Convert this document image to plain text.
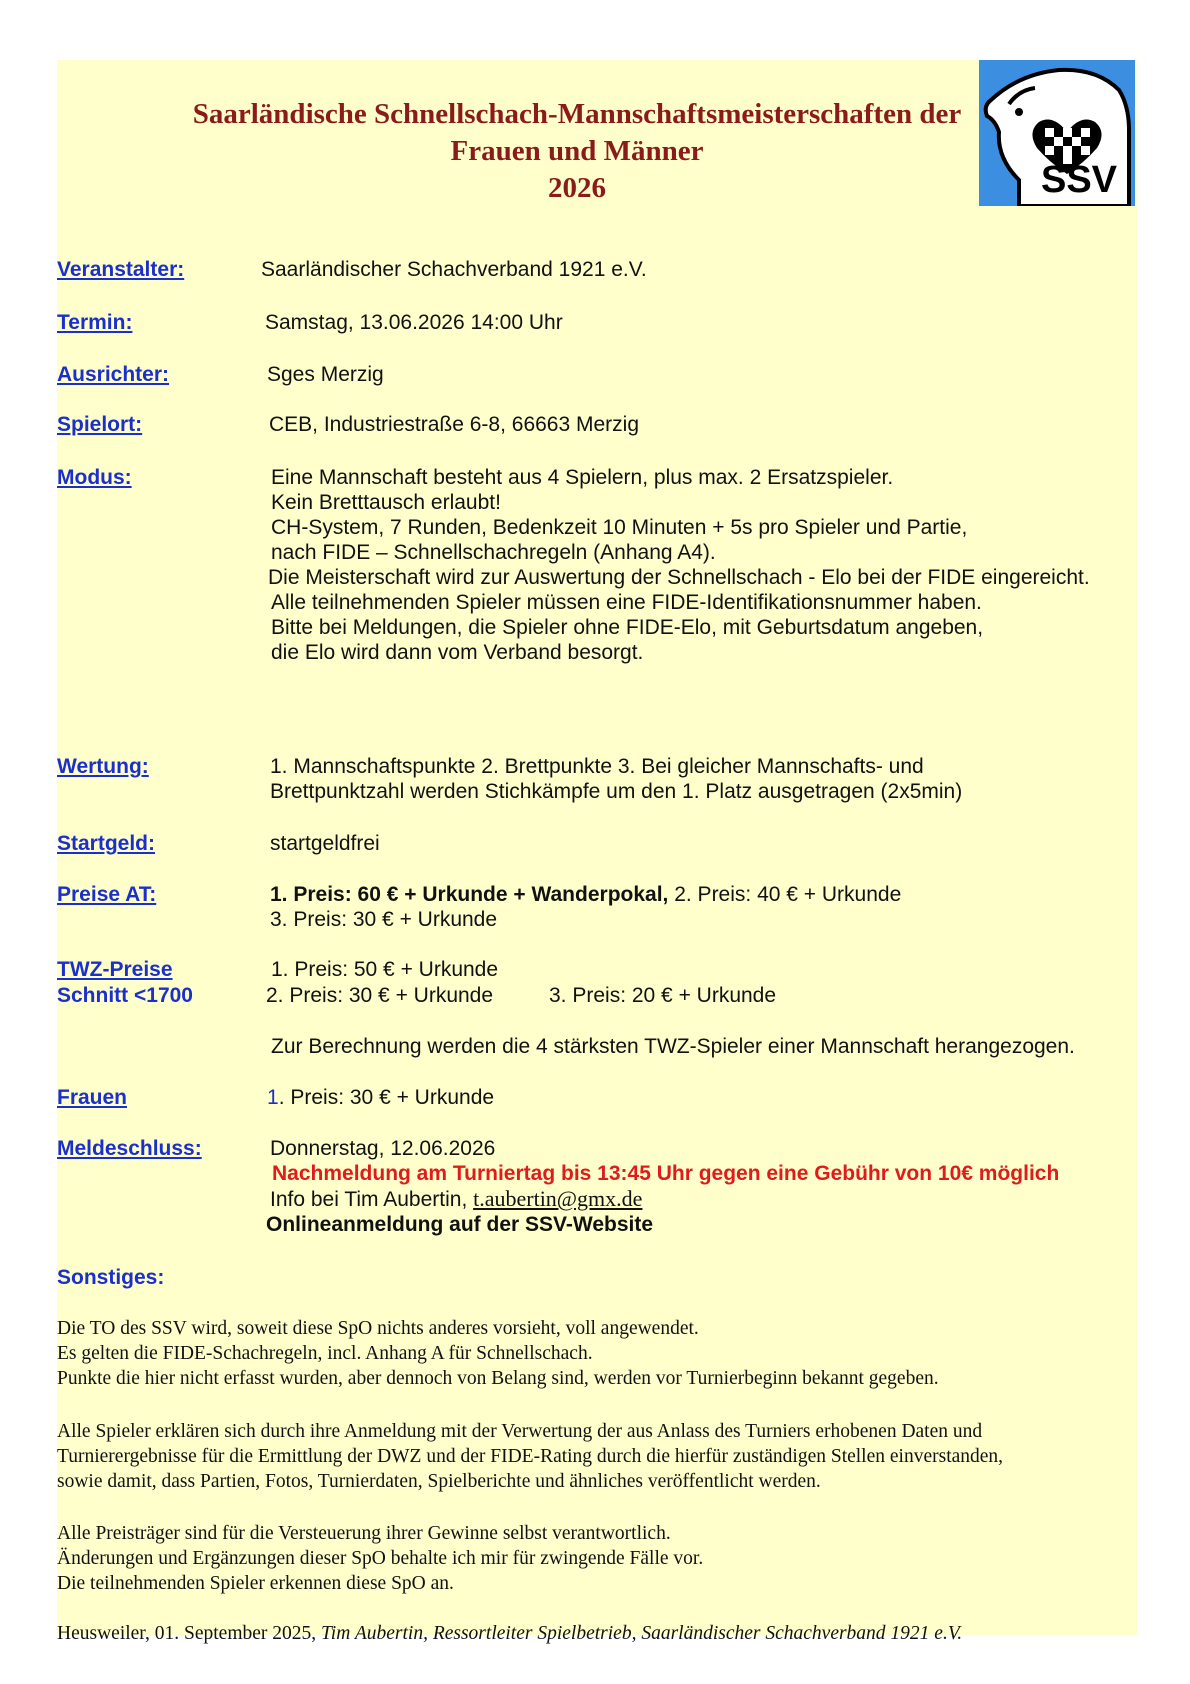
Saarländische Schnellschach-Mannschaftsmeisterschaften der
Frauen und Männer
2026	SSV
Veranstalter:	Saarländischer Schachverband 1921 e.V.
Termin:	Samstag, 13.06.2026 14:00 Uhr
Ausrichter:	Sges Merzig
Spielort:	CEB, Industriestraße 6-8, 66663 Merzig
Modus:	Eine Mannschaft besteht aus 4 Spielern, plus max. 2 Ersatzspieler.
Kein Bretttausch erlaubt!
CH-System, 7 Runden, Bedenkzeit 10 Minuten + 5s pro Spieler und Partie,
nach FIDE – Schnellschachregeln (Anhang A4).
Die Meisterschaft wird zur Auswertung der Schnellschach - Elo bei der FIDE eingereicht.
Alle teilnehmenden Spieler müssen eine FIDE-Identifikationsnummer haben.
Bitte bei Meldungen, die Spieler ohne FIDE-Elo, mit Geburtsdatum angeben,
die Elo wird dann vom Verband besorgt.
Wertung:	1. Mannschaftspunkte 2. Brettpunkte 3. Bei gleicher Mannschafts- und
Brettpunktzahl werden Stichkämpfe um den 1. Platz ausgetragen (2x5min)
Startgeld:	startgeldfrei
Preise AT:	1. Preis: 60 € + Urkunde + Wanderpokal, 2. Preis: 40 € + Urkunde
3. Preis: 30 € + Urkunde
TWZ-Preise	1. Preis: 50 € + Urkunde
Schnitt <1700	2. Preis: 30 € + Urkunde	3. Preis: 20 € + Urkunde
Zur Berechnung werden die 4 stärksten TWZ-Spieler einer Mannschaft herangezogen.
Frauen	1. Preis: 30 € + Urkunde
Meldeschluss:	Donnerstag, 12.06.2026
Nachmeldung am Turniertag bis 13:45 Uhr gegen eine Gebühr von 10€ möglich
Info bei Tim Aubertin, t.aubertin@gmx.de
Onlineanmeldung auf der SSV-Website
Sonstiges:
Die TO des SSV wird, soweit diese SpO nichts anderes vorsieht, voll angewendet.
Es gelten die FIDE-Schachregeln, incl. Anhang A für Schnellschach.
Punkte die hier nicht erfasst wurden, aber dennoch von Belang sind, werden vor Turnierbeginn bekannt gegeben.
Alle Spieler erklären sich durch ihre Anmeldung mit der Verwertung der aus Anlass des Turniers erhobenen Daten und
Turnierergebnisse für die Ermittlung der DWZ und der FIDE-Rating durch die hierfür zuständigen Stellen einverstanden,
sowie damit, dass Partien, Fotos, Turnierdaten, Spielberichte und ähnliches veröffentlicht werden.
Alle Preisträger sind für die Versteuerung ihrer Gewinne selbst verantwortlich.
Änderungen und Ergänzungen dieser SpO behalte ich mir für zwingende Fälle vor.
Die teilnehmenden Spieler erkennen diese SpO an.
Heusweiler, 01. September 2025, Tim Aubertin, Ressortleiter Spielbetrieb, Saarländischer Schachverband 1921 e.V.
